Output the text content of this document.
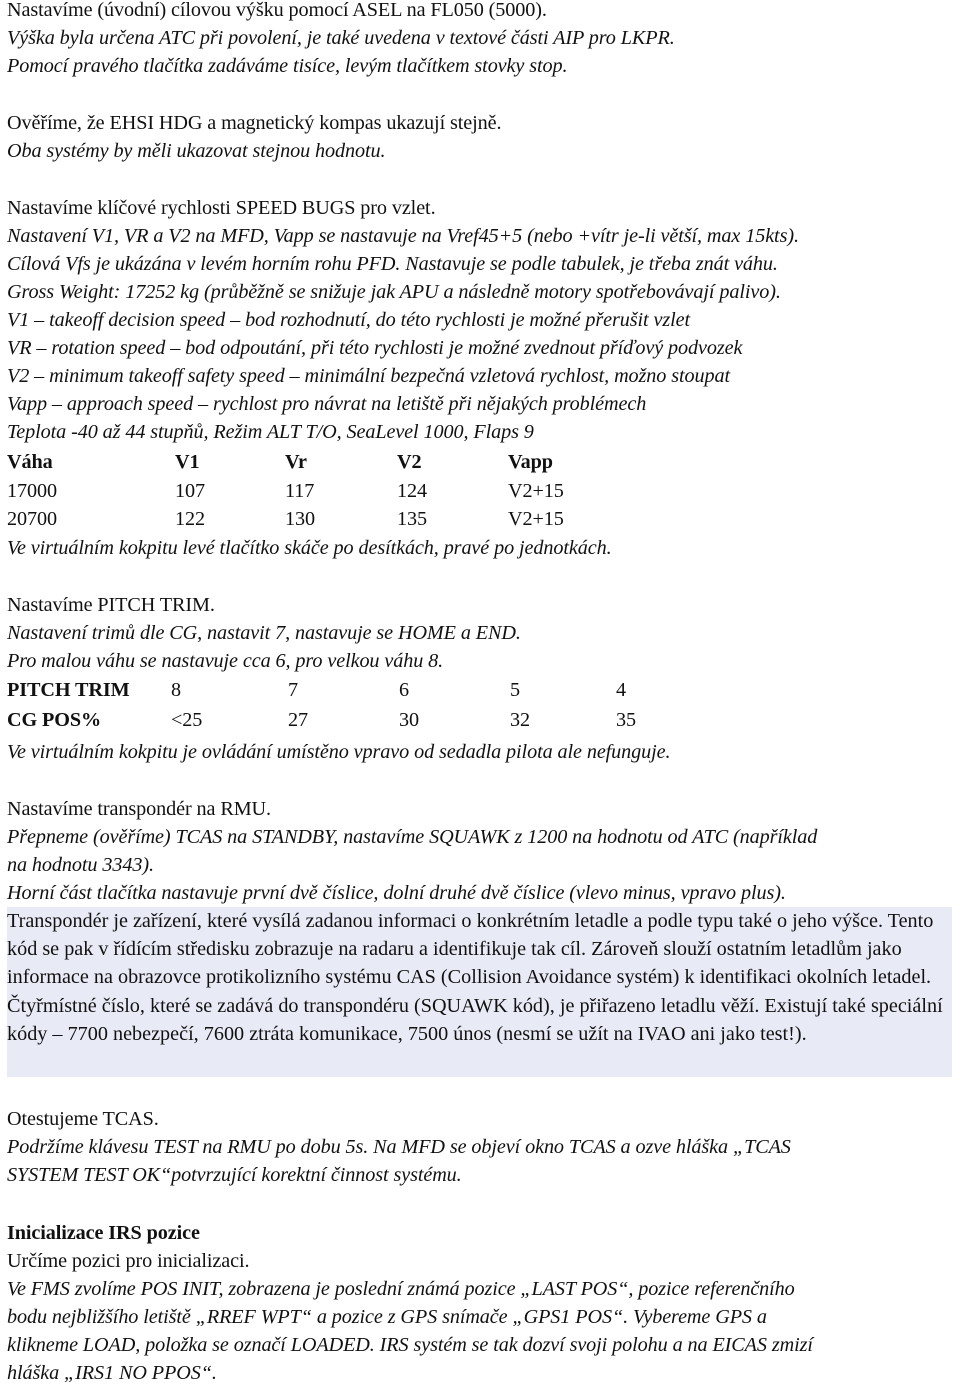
Nastavíme (úvodní) cílovou výšku pomocí ASEL na FL050 (5000).
Výška byla určena ATC při povolení, je také uvedena v textové části AIP pro LKPR.
Pomocí pravého tlačítka zadáváme tisíce, levým tlačítkem stovky stop.
Ověříme, že EHSI HDG a magnetický kompas ukazují stejně.
Oba systémy by měli ukazovat stejnou hodnotu.
Nastavíme klíčové rychlosti SPEED BUGS pro vzlet.
Nastavení V1, VR a V2 na MFD, Vapp se nastavuje na Vref45+5 (nebo +vítr je-li větší, max 15kts).
Cílová Vfs je ukázána v levém horním rohu PFD. Nastavuje se podle tabulek, je třeba znát váhu.
Gross Weight: 17252 kg (průběžně se snižuje jak APU a následně motory spotřebovávají palivo).
V1 – takeoff decision speed – bod rozhodnutí, do této rychlosti je možné přerušit vzlet
VR – rotation speed – bod odpoutání, při této rychlosti je možné zvednout příďový podvozek
V2 – minimum takeoff safety speed – minimální bezpečná vzletová rychlost, možno stoupat
Vapp – approach speed – rychlost pro návrat na letiště při nějakých problémech
Teplota -40 až 44 stupňů, Režim ALT T/O, SeaLevel 1000, Flaps 9
Váha	V1	Vr	V2	Vapp
17000	107	117	124	V2+15
20700	122	130	135	V2+15
Ve virtuálním kokpitu levé tlačítko skáče po desítkách, pravé po jednotkách.
Nastavíme PITCH TRIM.
Nastavení trimů dle CG, nastavit 7, nastavuje se HOME a END.
Pro malou váhu se nastavuje cca 6, pro velkou váhu 8.
PITCH TRIM 8	7	6	5	4
CG POS%	<25	27	30	32	35
Ve virtuálním kokpitu je ovládání umístěno vpravo od sedadla pilota ale nefunguje.
Nastavíme transpondér na RMU.
Přepneme (ověříme) TCAS na STANDBY, nastavíme SQUAWK z 1200 na hodnotu od ATC (například
na hodnotu 3343).
Horní část tlačítka nastavuje první dvě číslice, dolní druhé dvě číslice (vlevo minus, vpravo plus).
Transpondér je zařízení, které vysílá zadanou informaci o konkrétním letadle a podle typu také o jeho výšce. Tento kód se pak v řídícím středisku zobrazuje na radaru a identifikuje tak cíl. Zároveň slouží ostatním letadlům jako informace na obrazovce protikolizního systému CAS (Collision Avoidance systém) k identifikaci okolních letadel. Čtyřmístné číslo, které se zadává do transpondéru (SQUAWK kód), je přiřazeno letadlu věží. Existují také speciální kódy – 7700 nebezpečí, 7600 ztráta komunikace, 7500 únos (nesmí se užít na IVAO ani jako test!).
Otestujeme TCAS.
Podržíme klávesu TEST na RMU po dobu 5s. Na MFD se objeví okno TCAS a ozve hláška „TCAS
SYSTEM TEST OK“potvrzující korektní činnost systému.
Inicializace IRS pozice
Určíme pozici pro inicializaci.
Ve FMS zvolíme POS INIT, zobrazena je poslední známá pozice „LAST POS“, pozice referenčního
bodu nejbližšího letiště „RREF WPT“ a pozice z GPS snímače „GPS1 POS“. Vybereme GPS a
klikneme LOAD, položka se označí LOADED. IRS systém se tak dozví svoji polohu a na EICAS zmizí
hláška „IRS1 NO PPOS“.
